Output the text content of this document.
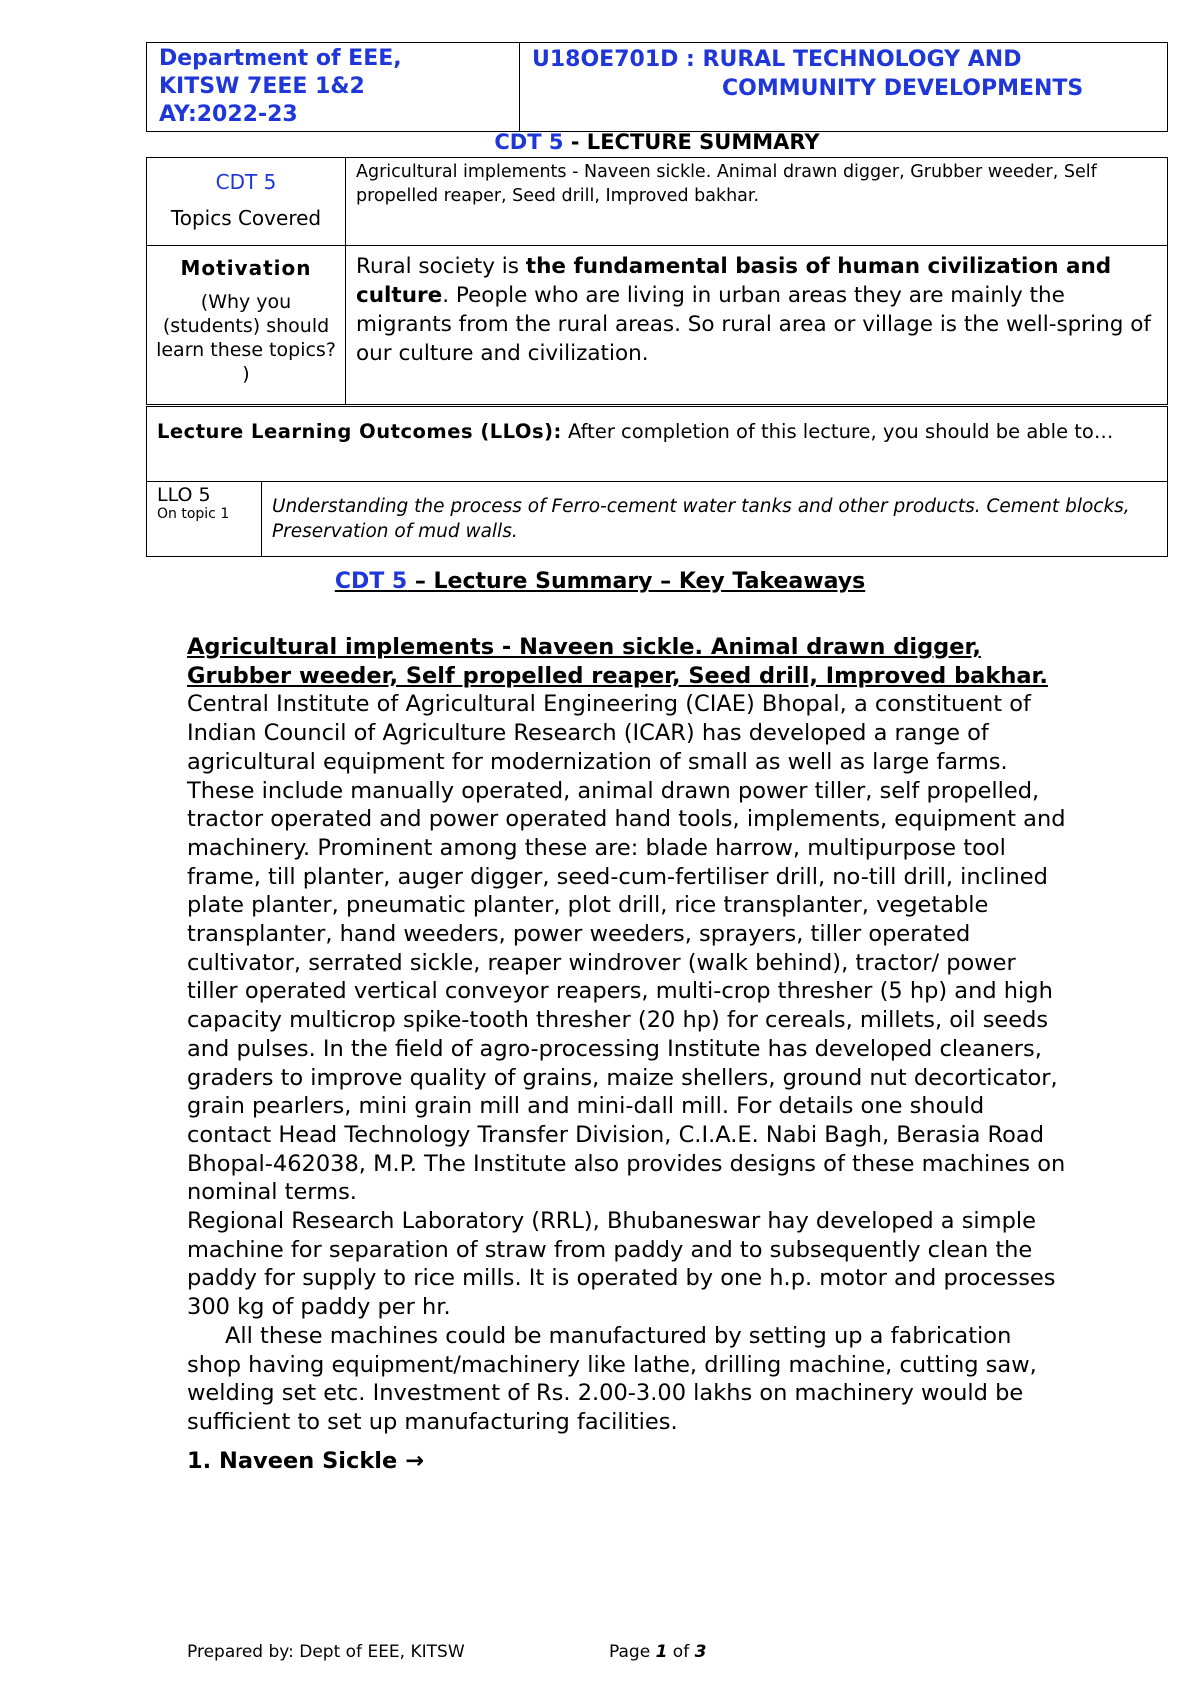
Department of EEE,
KITSW 7EEE 1&2
AY:2022-23

U18OE701D : RURAL TECHNOLOGY AND
COMMUNITY DEVELOPMENTS
CDT 5 - LECTURE SUMMARY
CDT 5
Topics Covered	Agricultural implements - Naveen sickle. Animal drawn digger, Grubber weeder, Self propelled reaper, Seed drill, Improved bakhar.

Motivation
(Why you (students) should learn these topics? )	Rural society is the fundamental basis of human civilization and culture. People who are living in urban areas they are mainly the migrants from the rural areas. So rural area or village is the well-spring of our culture and civilization.
Lecture Learning Outcomes (LLOs): After completion of this lecture, you should be able to…
LLO 5
On topic 1	Understanding the process of Ferro-cement water tanks and other products. Cement blocks, Preservation of mud walls.
CDT 5 – Lecture Summary – Key Takeaways

Agricultural implements - Naveen sickle. Animal drawn digger, Grubber weeder, Self propelled reaper, Seed drill, Improved bakhar.

Central Institute of Agricultural Engineering (CIAE) Bhopal, a constituent of Indian Council of Agriculture Research (ICAR) has developed a range of agricultural equipment for modernization of small as well as large farms. These include manually operated, animal drawn power tiller, self propelled, tractor operated and power operated hand tools, implements, equipment and machinery. Prominent among these are: blade harrow, multipurpose tool frame, till planter, auger digger, seed-cum-fertiliser drill, no-till drill, inclined plate planter, pneumatic planter, plot drill, rice transplanter, vegetable transplanter, hand weeders, power weeders, sprayers, tiller operated cultivator, serrated sickle, reaper windrover (walk behind), tractor/ power tiller operated vertical conveyor reapers, multi-crop thresher (5 hp) and high capacity multicrop spike-tooth thresher (20 hp) for cereals, millets, oil seeds and pulses. In the field of agro-processing Institute has developed cleaners, graders to improve quality of grains, maize shellers, ground nut decorticator, grain pearlers, mini grain mill and mini-dall mill. For details one should contact Head Technology Transfer Division, C.I.A.E. Nabi Bagh, Berasia Road Bhopal-462038, M.P. The Institute also provides designs of these machines on nominal terms.

Regional Research Laboratory (RRL), Bhubaneswar hay developed a simple machine for separation of straw from paddy and to subsequently clean the paddy for supply to rice mills. It is operated by one h.p. motor and processes 300 kg of paddy per hr.

All these machines could be manufactured by setting up a fabrication shop having equipment/machinery like lathe, drilling machine, cutting saw, welding set etc. Investment of Rs. 2.00-3.00 lakhs on machinery would be sufficient to set up manufacturing facilities.

1. Naveen Sickle →

Prepared by: Dept of EEE, KITSW	Page 1 of 3
